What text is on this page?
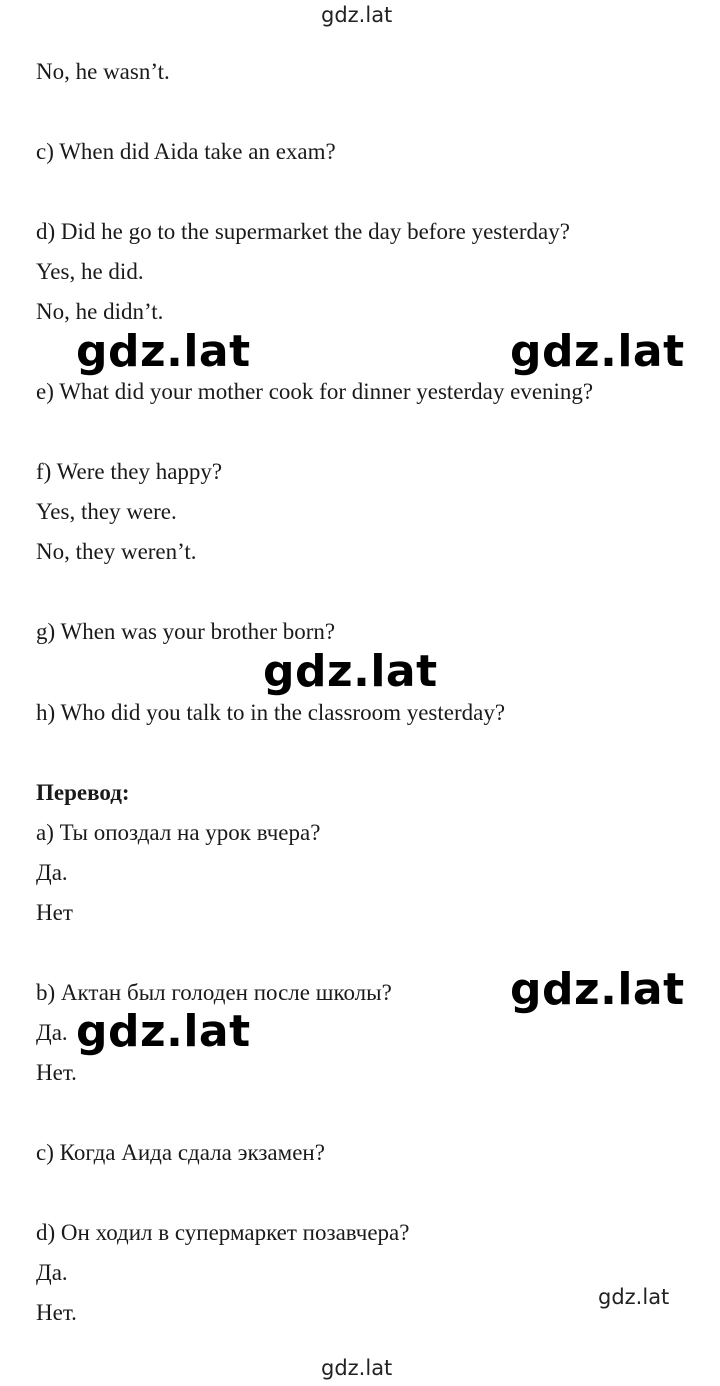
No, he wasn’t.

c) When did Aida take an exam?

d) Did he go to the supermarket the day before yesterday?

Yes, he did.

No, he didn’t.

e) What did your mother cook for dinner yesterday evening?

f) Were they happy?

Yes, they were.

No, they weren’t.

g) When was your brother born?

h) Who did you talk to in the classroom yesterday?

Перевод:

a) Ты опоздал на урок вчера?

Да.

Нет

b) Актан был голоден после школы?

Да.

Нет.

c) Когда Аида сдала экзамен?

d) Он ходил в супермаркет позавчера?

Да.

Нет.

gdz.lat
gdz.lat	gdz.lat
gdz.lat
gdz.lat
gdz.lat
gdz.lat
gdz.lat
